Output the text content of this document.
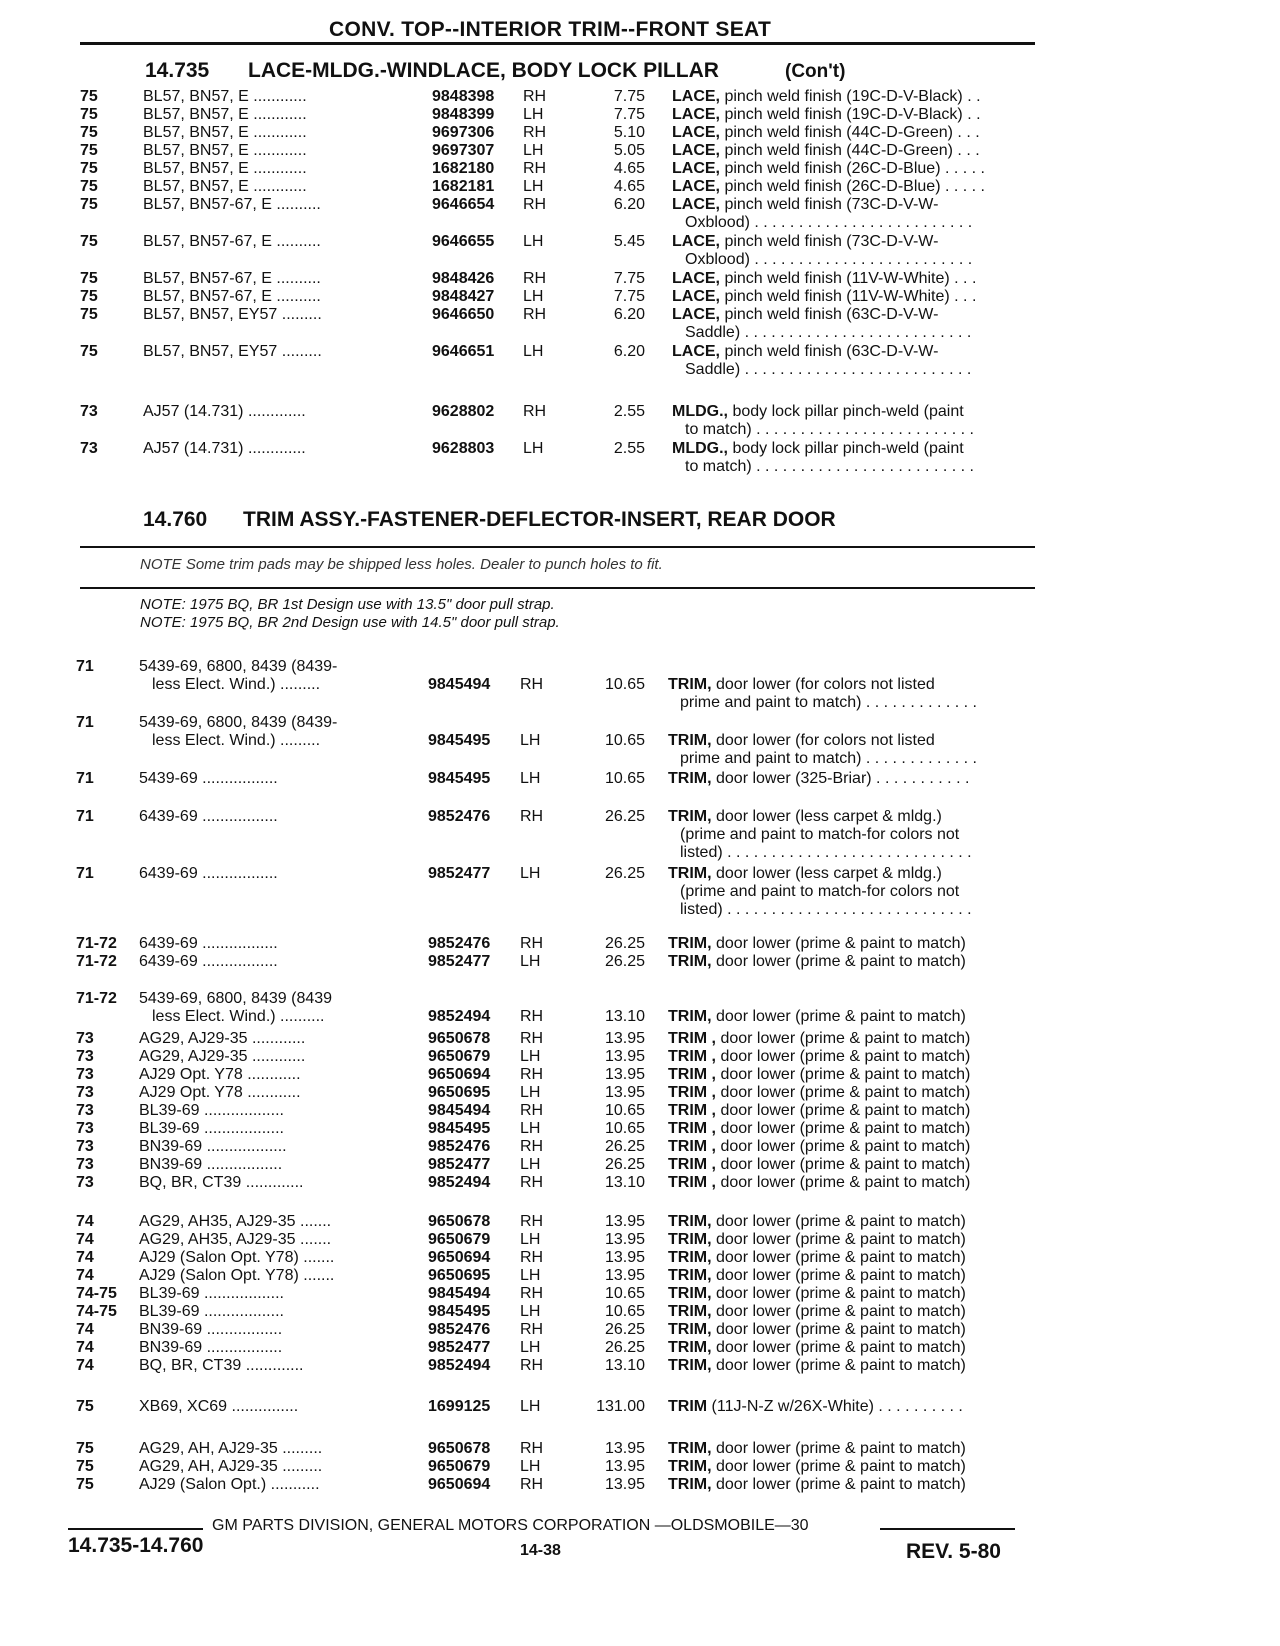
CONV. TOP--INTERIOR TRIM--FRONT SEAT
14.735 LACE-MLDG.-WINDLACE, BODY LOCK PILLAR	(Con't)
75	BL57, BN57, E ............	9848398 RH	7.75 LACE, pinch weld finish (19C-D-V-Black) . .
75	BL57, BN57, E ............	9848399 LH	7.75 LACE, pinch weld finish (19C-D-V-Black) . .
75	BL57, BN57, E ............	9697306 RH	5.10 LACE, pinch weld finish (44C-D-Green) . . .
75	BL57, BN57, E ............	9697307 LH	5.05 LACE, pinch weld finish (44C-D-Green) . . .
75	BL57, BN57, E ............	1682180 RH	4.65 LACE, pinch weld finish (26C-D-Blue) . . . . .
75	BL57, BN57, E ............	1682181 LH	4.65 LACE, pinch weld finish (26C-D-Blue) . . . . .
75	BL57, BN57-67, E ..........	9646654 RH	6.20 LACE, pinch weld finish (73C-D-V-W-
Oxblood) . . . . . . . . . . . . . . . . . . . . . . . . .
75	BL57, BN57-67, E ..........	9646655 LH	5.45 LACE, pinch weld finish (73C-D-V-W-
Oxblood) . . . . . . . . . . . . . . . . . . . . . . . . .
75	BL57, BN57-67, E ..........	9848426 RH	7.75 LACE, pinch weld finish (11V-W-White) . . .
75	BL57, BN57-67, E ..........	9848427 LH	7.75 LACE, pinch weld finish (11V-W-White) . . .
75	BL57, BN57, EY57 .........	9646650 RH	6.20 LACE, pinch weld finish (63C-D-V-W-
Saddle) . . . . . . . . . . . . . . . . . . . . . . . . . .
75	BL57, BN57, EY57 .........	9646651 LH	6.20 LACE, pinch weld finish (63C-D-V-W-
Saddle) . . . . . . . . . . . . . . . . . . . . . . . . . .
73	AJ57 (14.731) .............	9628802 RH	2.55 MLDG., body lock pillar pinch-weld (paint
to match) . . . . . . . . . . . . . . . . . . . . . . . . .
73	AJ57 (14.731) .............	9628803 LH	2.55 MLDG., body lock pillar pinch-weld (paint
to match) . . . . . . . . . . . . . . . . . . . . . . . . .
14.760 TRIM ASSY.-FASTENER-DEFLECTOR-INSERT, REAR DOOR
NOTE Some trim pads may be shipped less holes. Dealer to punch holes to fit.
NOTE: 1975 BQ, BR 1st Design use with 13.5" door pull strap.
NOTE: 1975 BQ, BR 2nd Design use with 14.5" door pull strap.
71	5439-69, 6800, 8439 (8439-
less Elect. Wind.) .........	9845494 RH	10.65 TRIM, door lower (for colors not listed
prime and paint to match) . . . . . . . . . . . . .
71	5439-69, 6800, 8439 (8439-
less Elect. Wind.) .........	9845495 LH	10.65 TRIM, door lower (for colors not listed
prime and paint to match) . . . . . . . . . . . . .
71	5439-69 .................	9845495 LH	10.65 TRIM, door lower (325-Briar) . . . . . . . . . . .
71	6439-69 .................	9852476 RH	26.25 TRIM, door lower (less carpet & mldg.)
(prime and paint to match-for colors not
listed) . . . . . . . . . . . . . . . . . . . . . . . . . . . .
71	6439-69 .................	9852477 LH	26.25 TRIM, door lower (less carpet & mldg.)
(prime and paint to match-for colors not
listed) . . . . . . . . . . . . . . . . . . . . . . . . . . . .
71-72 6439-69 .................	9852476 RH	26.25 TRIM, door lower (prime & paint to match)
71-72 6439-69 .................	9852477 LH	26.25 TRIM, door lower (prime & paint to match)
71-72 5439-69, 6800, 8439 (8439
less Elect. Wind.) ..........	9852494 RH	13.10 TRIM, door lower (prime & paint to match)
73	AG29, AJ29-35 ............	9650678 RH	13.95 TRIM , door lower (prime & paint to match)
73	AG29, AJ29-35 ............	9650679 LH	13.95 TRIM , door lower (prime & paint to match)
73	AJ29 Opt. Y78 ............	9650694 RH	13.95 TRIM , door lower (prime & paint to match)
73	AJ29 Opt. Y78 ............	9650695 LH	13.95 TRIM , door lower (prime & paint to match)
73	BL39-69 ..................	9845494 RH	10.65 TRIM , door lower (prime & paint to match)
73	BL39-69 ..................	9845495 LH	10.65 TRIM , door lower (prime & paint to match)
73	BN39-69 ..................	9852476 RH	26.25 TRIM , door lower (prime & paint to match)
73	BN39-69 .................	9852477 LH	26.25 TRIM , door lower (prime & paint to match)
73	BQ, BR, CT39 .............	9852494 RH	13.10 TRIM , door lower (prime & paint to match)
74	AG29, AH35, AJ29-35 .......	9650678 RH	13.95 TRIM, door lower (prime & paint to match)
74	AG29, AH35, AJ29-35 .......	9650679 LH	13.95 TRIM, door lower (prime & paint to match)
74	AJ29 (Salon Opt. Y78) .......	9650694 RH	13.95 TRIM, door lower (prime & paint to match)
74	AJ29 (Salon Opt. Y78) .......	9650695 LH	13.95 TRIM, door lower (prime & paint to match)
74-75 BL39-69 ..................	9845494 RH	10.65 TRIM, door lower (prime & paint to match)
74-75 BL39-69 ..................	9845495 LH	10.65 TRIM, door lower (prime & paint to match)
74	BN39-69 .................	9852476 RH	26.25 TRIM, door lower (prime & paint to match)
74	BN39-69 .................	9852477 LH	26.25 TRIM, door lower (prime & paint to match)
74	BQ, BR, CT39 .............	9852494 RH	13.10 TRIM, door lower (prime & paint to match)
75	XB69, XC69 ...............	1699125 LH	131.00 TRIM (11J-N-Z w/26X-White) . . . . . . . . . .
75	AG29, AH, AJ29-35 .........	9650678 RH	13.95 TRIM, door lower (prime & paint to match)
75	AG29, AH, AJ29-35 .........	9650679 LH	13.95 TRIM, door lower (prime & paint to match)
75	AJ29 (Salon Opt.) ...........	9650694 RH	13.95 TRIM, door lower (prime & paint to match)
GM PARTS DIVISION, GENERAL MOTORS CORPORATION —OLDSMOBILE—30
14.735-14.760	14-38	REV. 5-80
